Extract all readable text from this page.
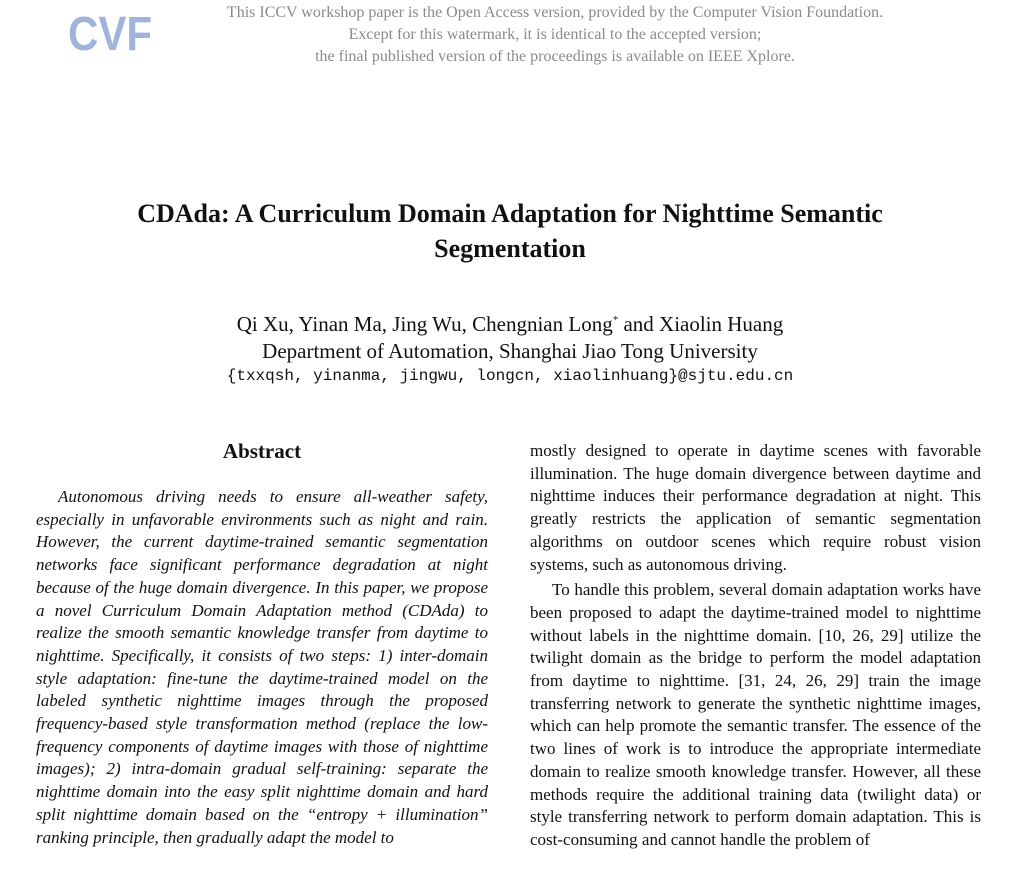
CVF	This ICCV workshop paper is the Open Access version, provided by the Computer Vision Foundation.
Except for this watermark, it is identical to the accepted version;
the final published version of the proceedings is available on IEEE Xplore.
CDAda: A Curriculum Domain Adaptation for Nighttime Semantic Segmentation
Qi Xu, Yinan Ma, Jing Wu, Chengnian Long* and Xiaolin Huang
Department of Automation, Shanghai Jiao Tong University
{txxqsh, yinanma, jingwu, longcn, xiaolinhuang}@sjtu.edu.cn
Abstract

Autonomous driving needs to ensure all-weather safety, especially in unfavorable environments such as night and rain. However, the current daytime-trained semantic segmentation networks face significant performance degradation at night because of the huge domain divergence. In this paper, we propose a novel Curriculum Domain Adaptation method (CDAda) to realize the smooth semantic knowledge transfer from daytime to nighttime. Specifically, it consists of two steps: 1) inter-domain style adaptation: fine-tune the daytime-trained model on the labeled synthetic nighttime images through the proposed frequency-based style transformation method (replace the low-frequency components of daytime images with those of nighttime images); 2) intra-domain gradual self-training: separate the nighttime domain into the easy split nighttime domain and hard split nighttime domain based on the “entropy + illumination” ranking principle, then gradually adapt the model to

mostly designed to operate in daytime scenes with favorable illumination. The huge domain divergence between daytime and nighttime induces their performance degradation at night. This greatly restricts the application of semantic segmentation algorithms on outdoor scenes which require robust vision systems, such as autonomous driving.

To handle this problem, several domain adaptation works have been proposed to adapt the daytime-trained model to nighttime without labels in the nighttime domain. [10, 26, 29] utilize the twilight domain as the bridge to perform the model adaptation from daytime to nighttime. [31, 24, 26, 29] train the image transferring network to generate the synthetic nighttime images, which can help promote the semantic transfer. The essence of the two lines of work is to introduce the appropriate intermediate domain to realize smooth knowledge transfer. However, all these methods require the additional training data (twilight data) or style transferring network to perform domain adaptation. This is cost-consuming and cannot handle the problem of
